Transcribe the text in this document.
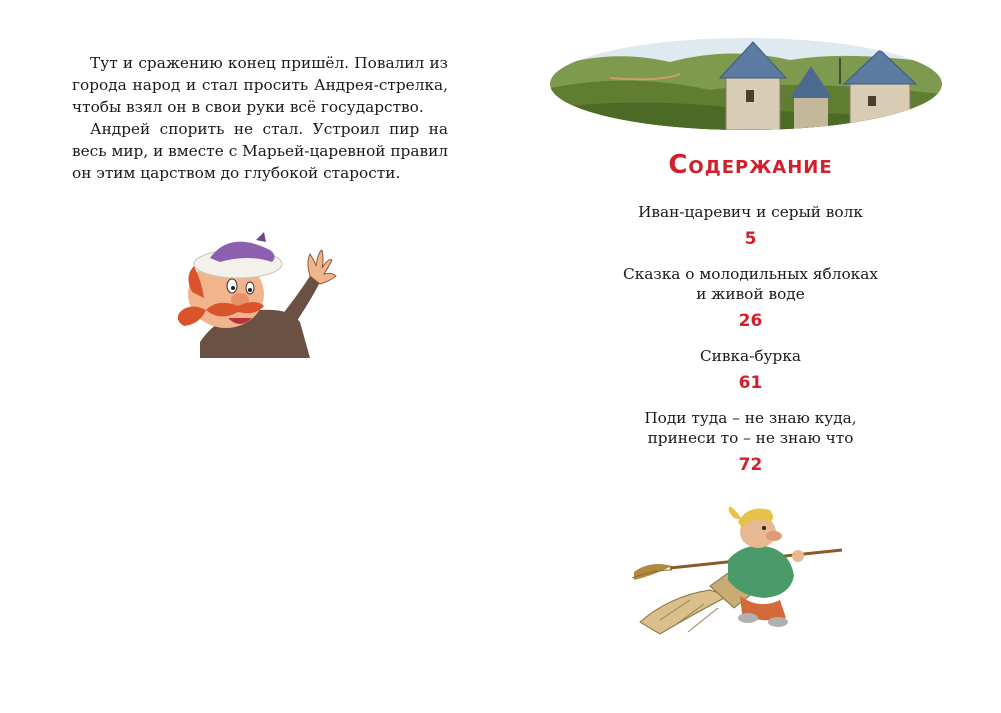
Тут и сражению конец пришёл. Повалил из города народ и стал просить Андрея-стрелка, чтобы взял он в свои руки всё государство.

Андрей спорить не стал. Устроил пир на весь мир, и вместе с Марьей-царевной правил он этим царством до глубокой старости.	Содержание
Иван-царевич и серый волк
5
Сказка о молодильных яблоках
и живой воде
26
Сивка-бурка
61
Поди туда – не знаю куда,
принеси то – не знаю что
72
